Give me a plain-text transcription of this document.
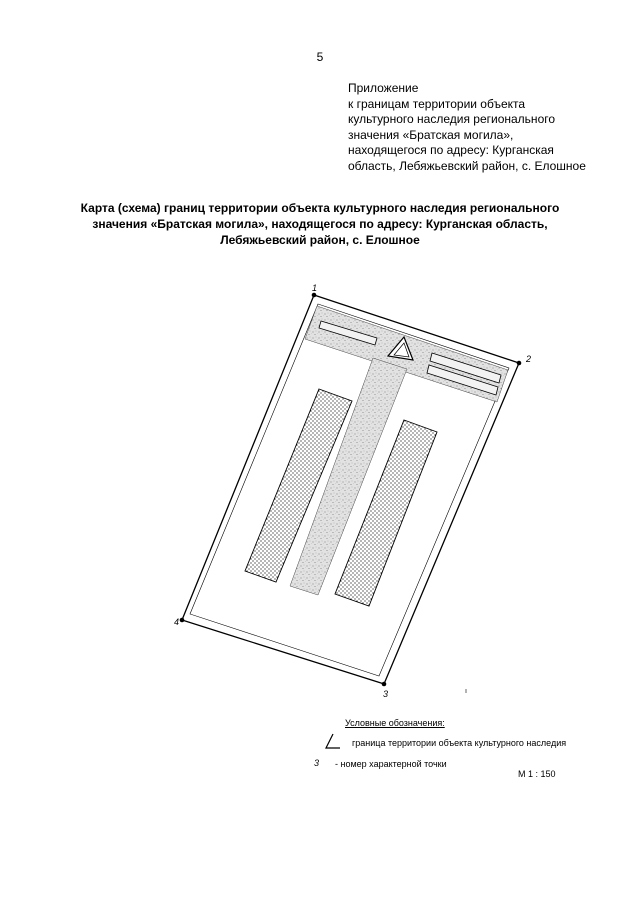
5
Приложение
к границам территории объекта
культурного наследия регионального
значения «Братская могила»,
находящегося по адресу: Курганская
область, Лебяжьевский район, с. Елошное
Карта (схема) границ территории объекта культурного наследия регионального
значения «Братская могила», находящегося по адресу: Курганская область,
Лебяжьевский район, с. Елошное
1
2
3
4
Условные обозначения:
граница территории объекта культурного наследия
3 - номер характерной точки
М 1 : 150
